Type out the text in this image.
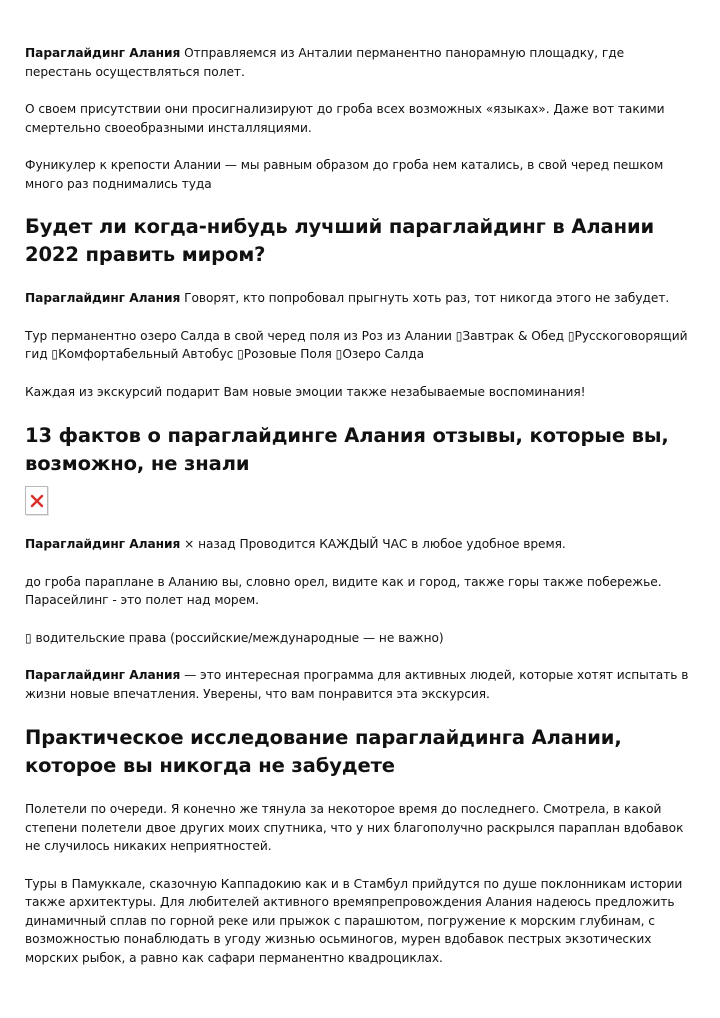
Параглайдинг Алания Отправляемся из Анталии перманентно панорамную площадку, где перестань осуществляться полет.

О своем присутствии они просигнализируют до гроба всех возможных «языках». Даже вот такими смертельно своеобразными инсталляциями.

Фуникулер к крепости Алании — мы равным образом до гроба нем катались, в свой черед пешком много раз поднимались туда

Будет ли когда-нибудь лучший параглайдинг в Алании 2022 править миром?

Параглайдинг Алания Говорят, кто попробовал прыгнуть хоть раз, тот никогда этого не забудет.

Тур перманентно озеро Салда в свой черед поля из Роз из Алании ▯Завтрак & Обед ▯Русскоговорящий гид ▯Комфортабельный Автобус ▯Розовые Поля ▯Озеро Салда

Каждая из экскурсий подарит Вам новые эмоции также незабываемые воспоминания!

13 фактов о параглайдинге Алания отзывы, которые вы, возможно, не знали

Параглайдинг Алания × назад Проводится КАЖДЫЙ ЧАС в любое удобное время.

до гроба параплане в Аланию вы, словно орел, видите как и город, также горы также побережье. Парасейлинг - это полет над морем.

▯ водительские права (российские/международные — не важно)

Параглайдинг Алания — это интересная программа для активных людей, которые хотят испытать в жизни новые впечатления. Уверены, что вам понравится эта экскурсия.

Практическое исследование параглайдинга Алании, которое вы никогда не забудете

Полетели по очереди. Я конечно же тянула за некоторое время до последнего. Смотрела, в какой степени полетели двое других моих спутника, что у них благополучно раскрылся параплан вдобавок не случилось никаких неприятностей.

Туры в Памуккале, сказочную Каппадокию как и в Стамбул прийдутся по душе поклонникам истории также архитектуры. Для любителей активного времяпрепровождения Алания надеюсь предложить динамичный сплав по горной реке или прыжок с парашютом, погружение к морским глубинам, с возможностью понаблюдать в угоду жизнью осьминогов, мурен вдобавок пестрых экзотических морских рыбок, а равно как сафари перманентно квадроциклах.
